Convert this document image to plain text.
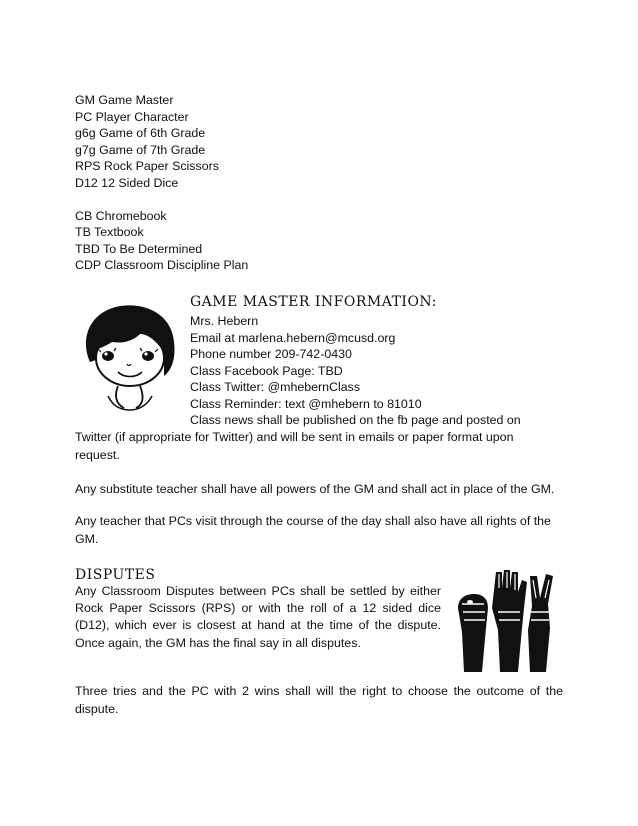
GM Game Master
PC Player Character
g6g Game of 6th Grade
g7g Game of 7th Grade
RPS Rock Paper Scissors
D12 12 Sided Dice
CB Chromebook
TB Textbook
TBD To Be Determined
CDP Classroom Discipline Plan
GAME MASTER INFORMATION:
Mrs. Hebern
Email at marlena.hebern@mcusd.org
Phone number 209-742-0430
Class Facebook Page: TBD
Class Twitter: @mhebernClass
Class Reminder: text @mhebern to 81010
Class news shall be published on the fb page and posted on
Twitter (if appropriate for Twitter) and will be sent in emails or paper format upon request.
Any substitute teacher shall have all powers of the GM and shall act in place of the GM.
Any teacher that PCs visit through the course of the day shall also have all rights of the GM.
DISPUTES
Any Classroom Disputes between PCs shall be settled by either Rock Paper Scissors (RPS) or with the roll of a 12 sided dice (D12), which ever is closest at hand at the time of the dispute. Once again, the GM has the final say in all disputes.
Three tries and the PC with 2 wins shall will the right to choose the outcome of the dispute.
